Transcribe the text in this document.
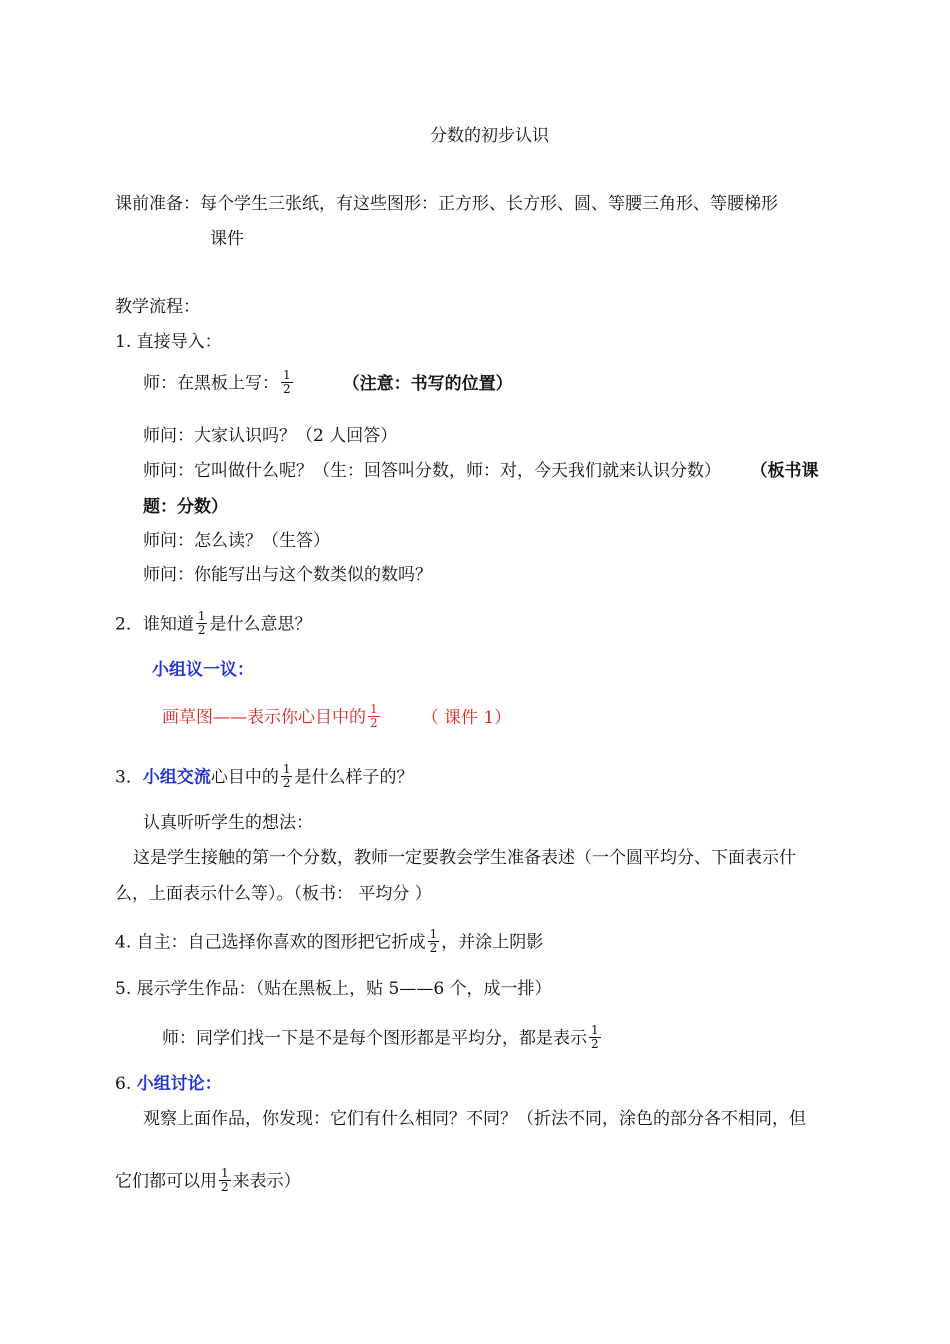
分数的初步认识
课前准备：每个学生三张纸，有这些图形：正方形、长方形、圆、等腰三角形、等腰梯形
课件
教学流程：
1. 直接导入：
师：在黑板上写： $\frac{1}{2}$	（注意：书写的位置）
师问：大家认识吗？（2 人回答）
师问：它叫做什么呢？（生：回答叫分数，师：对，今天我们就来认识分数） （板书课
题：分数）
师问：怎么读？（生答）
师问：你能写出与这个数类似的数吗？
2．谁知道 $\frac{1}{2}$ 是什么意思？
小组议一议：
画草图——表示你心目中的 $\frac{1}{2}$ （ 课件 1）
3．小组交流心目中的 $\frac{1}{2}$ 是什么样子的？
认真听听学生的想法：
这是学生接触的第一个分数，教师一定要教会学生准备表述（一个圆平均分、下面表示什
么，上面表示什么等）。（板书： 平均分 ）
4. 自主：自己选择你喜欢的图形把它折成 $\frac{1}{2}$ ，并涂上阴影
5. 展示学生作品：（贴在黑板上，贴 5——6 个，成一排）
师：同学们找一下是不是每个图形都是平均分，都是表示 $\frac{1}{2}$
6. 小组讨论：
观察上面作品，你发现：它们有什么相同？不同？（折法不同，涂色的部分各不相同，但
它们都可以用 $\frac{1}{2}$ 来表示）
